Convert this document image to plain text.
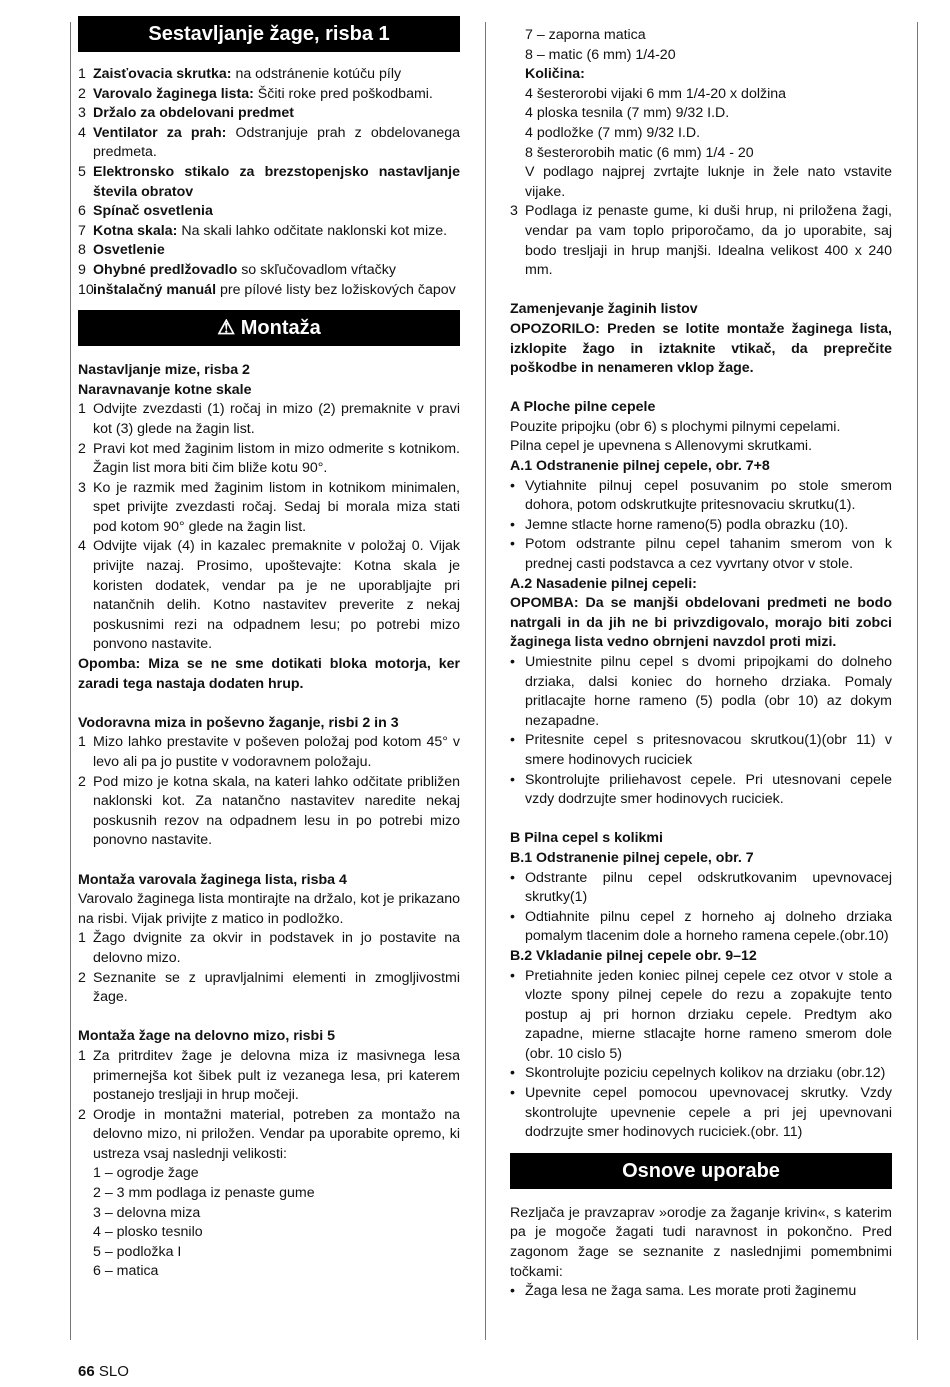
Sestavljanje žage, risba 1
1 Zaisťovacia skrutka: na odstránenie kotúču píly
2 Varovalo žaginega lista: Ščiti roke pred poškodbami.
3 Držalo za obdelovani predmet
4 Ventilator za prah: Odstranjuje prah z obdelovanega predmeta.
5 Elektronsko stikalo za brezstopenjsko nastavljanje števila obratov
6 Spínač osvetlenia
7 Kotna skala: Na skali lahko odčitate naklonski kot mize.
8 Osvetlenie
9 Ohybné predlžovadlo so skľučovadlom vŕtačky
10 inštalačný manuál pre pílové listy bez ložiskových čapov
⚠ Montaža

Nastavljanje mize, risba 2

Naravnavanje kotne skale

1 Odvijte zvezdasti (1) ročaj in mizo (2) premaknite v pravi kot (3) glede na žagin list.
2 Pravi kot med žaginim listom in mizo odmerite s kotnikom. Žagin list mora biti čim bliže kotu 90°.
3 Ko je razmik med žaginim listom in kotnikom minimalen, spet privijte zvezdasti ročaj. Sedaj bi morala miza stati pod kotom 90° glede na žagin list.
4 Odvijte vijak (4) in kazalec premaknite v položaj 0. Vijak privijte nazaj. Prosimo, upoštevajte: Kotna skala je koristen dodatek, vendar pa je ne uporabljajte pri natančnih delih. Kotno nastavitev preverite z nekaj poskusnimi rezi na odpadnem lesu; po potrebi mizo ponvono nastavite.

Opomba: Miza se ne sme dotikati bloka motorja, ker zaradi tega nastaja dodaten hrup.

Vodoravna miza in poševno žaganje, risbi 2 in 3

1 Mizo lahko prestavite v poševen položaj pod kotom 45° v levo ali pa jo pustite v vodoravnem položaju.
2 Pod mizo je kotna skala, na kateri lahko odčitate približen naklonski kot. Za natančno nastavitev naredite nekaj poskusnih rezov na odpadnem lesu in po potrebi mizo ponovno nastavite.

Montaža varovala žaginega lista, risba 4

Varovalo žaginega lista montirajte na držalo, kot je prikazano na risbi. Vijak privijte z matico in podložko.

1 Žago dvignite za okvir in podstavek in jo postavite na delovno mizo.
2 Seznanite se z upravljalnimi elementi in zmogljivostmi žage.

Montaža žage na delovno mizo, risbi 5

1 Za pritrditev žage je delovna miza iz masivnega lesa primernejša kot šibek pult iz vezanega lesa, pri katerem postanejo tresljaji in hrup močeji.
2 Orodje in montažni material, potreben za montažo na delovno mizo, ni priložen. Vendar pa uporabite opremo, ki ustreza vsaj naslednji velikosti:
1 – ogrodje žage
2 – 3 mm podlaga iz penaste gume
3 – delovna miza
4 – plosko tesnilo
5 – podložka I
6 – matica
7 – zaporna matica
8 – matic (6 mm) 1/4-20

Količina:

4 šesterorobi vijaki 6 mm 1/4-20 x dolžina
4 ploska tesnila (7 mm) 9/32 I.D.
4 podložke (7 mm) 9/32 I.D.
8 šesterorobih matic (6 mm) 1/4 - 20

V podlago najprej zvrtajte luknje in žele nato vstavite vijake.

3 Podlaga iz penaste gume, ki duši hrup, ni priložena žagi, vendar pa vam toplo priporočamo, da jo uporabite, saj bodo tresljaji in hrup manjši. Idealna velikost 400 x 240 mm.

Zamenjevanje žaginih listov

OPOZORILO: Preden se lotite montaže žaginega lista, izklopite žago in iztaknite vtikač, da preprečite poškodbe in nenameren vklop žage.

A Ploche pilne cepele

Pouzite pripojku (obr 6) s plochymi pilnymi cepelami.

Pilna cepel je upevnena s Allenovymi skrutkami.

A.1 Odstranenie pilnej cepele, obr. 7+8

• Vytiahnite pilnuj cepel posuvanim po stole smerom dohora, potom odskrutkujte pritesnovaciu skrutku(1).
• Jemne stlacte horne rameno(5) podla obrazku (10).
• Potom odstrante pilnu cepel tahanim smerom von k prednej casti podstavca a cez vyvrtany otvor v stole.

A.2 Nasadenie pilnej cepeli:

OPOMBA: Da se manjši obdelovani predmeti ne bodo natrgali in da jih ne bi privzdigovalo, morajo biti zobci žaginega lista vedno obrnjeni navzdol proti mizi.

• Umiestnite pilnu cepel s dvomi pripojkami do dolneho drziaka, dalsi koniec do horneho drziaka. Pomaly pritlacajte horne rameno (5) podla (obr 10) az dokym nezapadne.
• Pritesnite cepel s pritesnovacou skrutkou(1)(obr 11) v smere hodinovych ruciciek
• Skontrolujte priliehavost cepele. Pri utesnovani cepele vzdy dodrzujte smer hodinovych ruciciek.

B Pilna cepel s kolikmi

B.1 Odstranenie pilnej cepele, obr. 7

• Odstrante pilnu cepel odskrutkovanim upevnovacej skrutky(1)
• Odtiahnite pilnu cepel z horneho aj dolneho drziaka pomalym tlacenim dole a horneho ramena cepele.(obr.10)

B.2 Vkladanie pilnej cepele obr. 9–12

• Pretiahnite jeden koniec pilnej cepele cez otvor v stole a vlozte spony pilnej cepele do rezu a zopakujte tento postup aj pri hornon drziaku cepele. Predtym ako zapadne, mierne stlacajte horne rameno smerom dole (obr. 10 cislo 5)
• Skontrolujte poziciu cepelnych kolikov na drziaku (obr.12)
• Upevnite cepel pomocou upevnovacej skrutky. Vzdy skontrolujte upevnenie cepele a pri jej upevnovani dodrzujte smer hodinovych ruciciek.(obr. 11)
Osnove uporabe

Rezljača je pravzaprav »orodje za žaganje krivin«, s katerim pa je mogoče žagati tudi naravnost in pokončno. Pred zagonom žage se seznanite z naslednjimi pomembnimi točkami:

• Žaga lesa ne žaga sama. Les morate proti žaginemu
66 SLO
